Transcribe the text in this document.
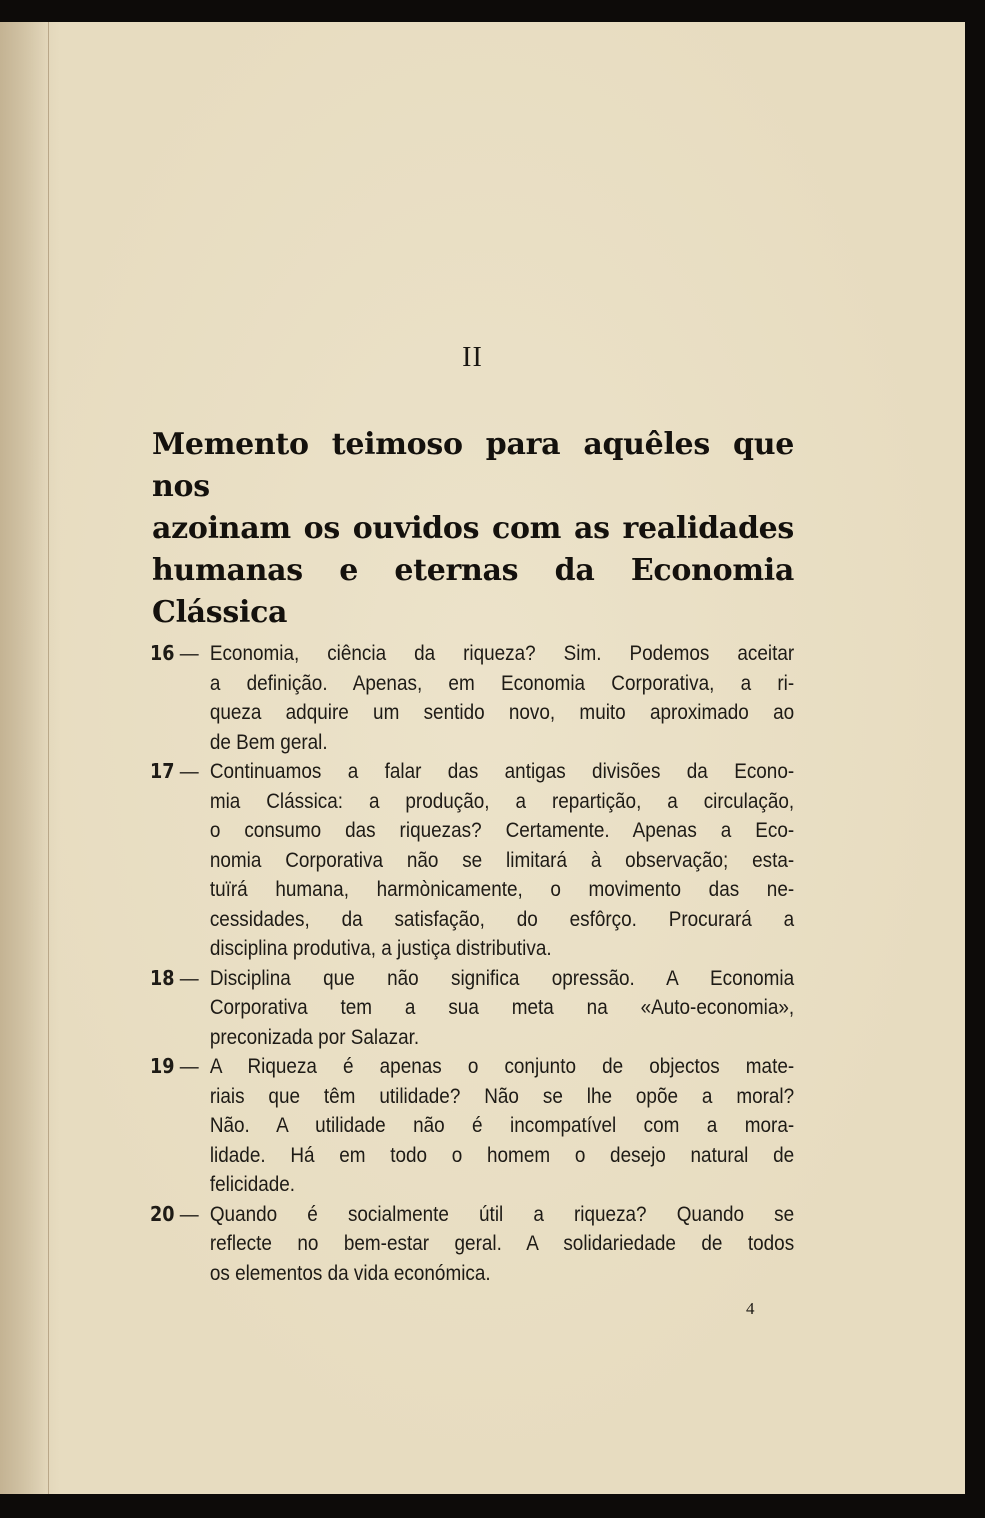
II
Memento teimoso para aquêles que nos
azoinam os ouvidos com as realidades
humanas e eternas da Economia Clássica
16 — Economia, ciência da riqueza? Sim. Podemos aceitar
a definição. Apenas, em Economia Corporativa, a ri-
queza adquire um sentido novo, muito aproximado ao
de Bem geral.
17 — Continuamos a falar das antigas divisões da Econo-
mia Clássica: a produção, a repartição, a circulação,
o consumo das riquezas? Certamente. Apenas a Eco-
nomia Corporativa não se limitará à observação; esta-
tuïrá humana, harmònicamente, o movimento das ne-
cessidades, da satisfação, do esfôrço. Procurará a
disciplina produtiva, a justiça distributiva.
18 — Disciplina que não significa opressão. A Economia
Corporativa tem a sua meta na «Auto-economia»,
preconizada por Salazar.
19 — A Riqueza é apenas o conjunto de objectos mate-
riais que têm utilidade? Não se lhe opõe a moral?
Não. A utilidade não é incompatível com a mora-
lidade. Há em todo o homem o desejo natural de
felicidade.
20 — Quando é socialmente útil a riqueza? Quando se
reflecte no bem-estar geral. A solidariedade de todos
os elementos da vida económica.
4
